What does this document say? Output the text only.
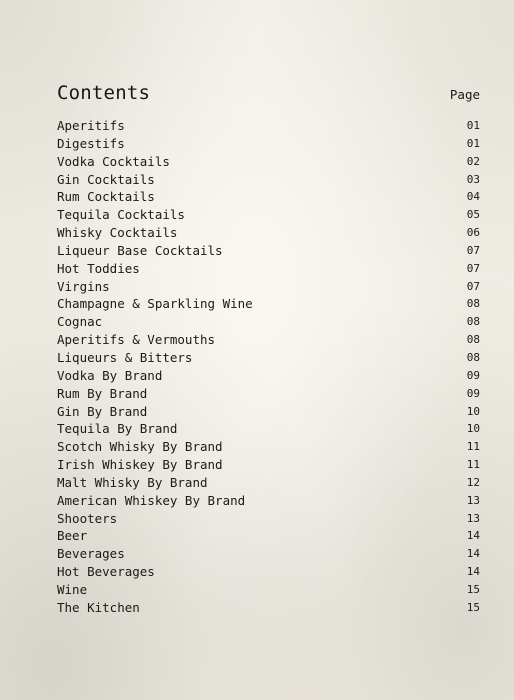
Contents	Page
Aperitifs	01
Digestifs	01
Vodka Cocktails	02
Gin Cocktails	03
Rum Cocktails	04
Tequila Cocktails	05
Whisky Cocktails	06
Liqueur Base Cocktails	07
Hot Toddies	07
Virgins	07
Champagne & Sparkling Wine	08
Cognac	08
Aperitifs & Vermouths	08
Liqueurs & Bitters	08
Vodka By Brand	09
Rum By Brand	09
Gin By Brand	10
Tequila By Brand	10
Scotch Whisky By Brand	11
Irish Whiskey By Brand	11
Malt Whisky By Brand	12
American Whiskey By Brand	13
Shooters	13
Beer	14
Beverages	14
Hot Beverages	14
Wine	15
The Kitchen	15
